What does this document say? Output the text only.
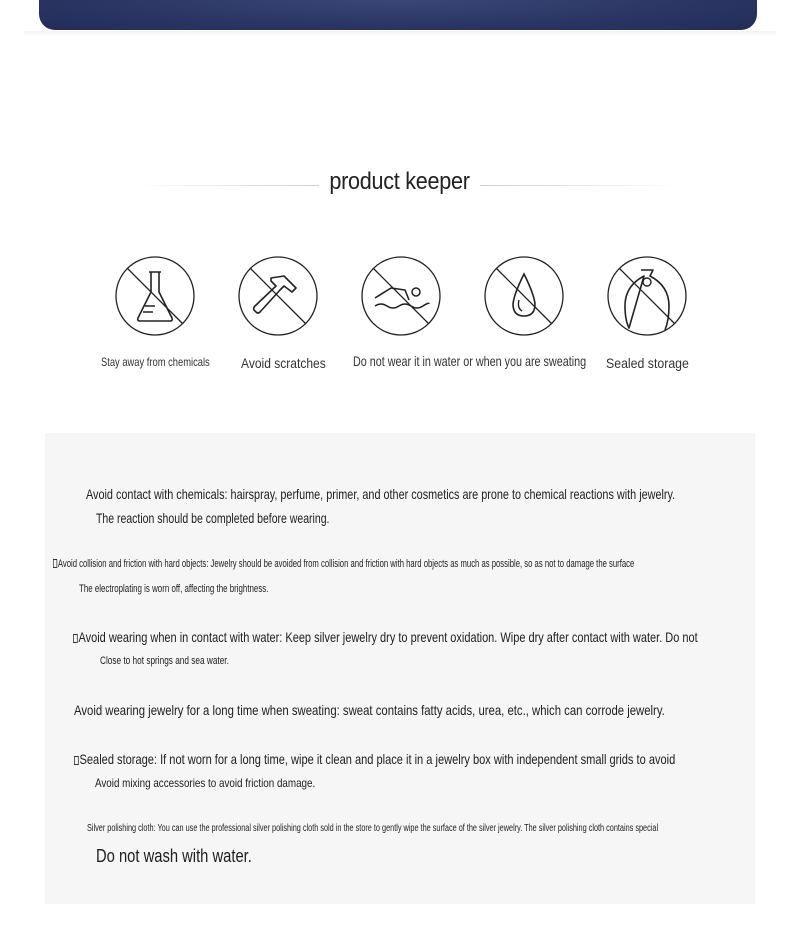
product keeper
Stay away from chemicals Avoid scratches Do not wear it in water or when you are sweating Sealed storage
Avoid contact with chemicals: hairspray, perfume, primer, and other cosmetics are prone to chemical reactions with jewelry.
The reaction should be completed before wearing.
Avoid collision and friction with hard objects: Jewelry should be avoided from collision and friction with hard objects as much as possible, so as not to damage the surface
The electroplating is worn off, affecting the brightness.
Avoid wearing when in contact with water: Keep silver jewelry dry to prevent oxidation. Wipe dry after contact with water. Do not
Close to hot springs and sea water.
Avoid wearing jewelry for a long time when sweating: sweat contains fatty acids, urea, etc., which can corrode jewelry.
Sealed storage: If not worn for a long time, wipe it clean and place it in a jewelry box with independent small grids to avoid
Avoid mixing accessories to avoid friction damage.
Silver polishing cloth: You can use the professional silver polishing cloth sold in the store to gently wipe the surface of the silver jewelry. The silver polishing cloth contains special
Do not wash with water.
